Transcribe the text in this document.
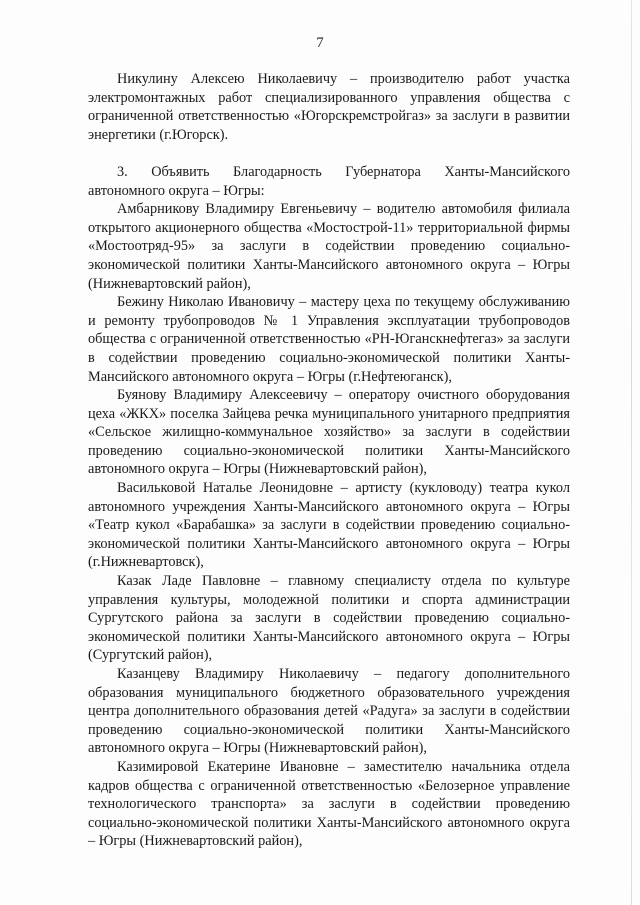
7

Никулину Алексею Николаевичу – производителю работ участка электромонтажных работ специализированного управления общества с ограниченной ответственностью «Югорскремстройгаз» за заслуги в развитии энергетики (г.Югорск).

3. Объявить Благодарность Губернатора Ханты-Мансийского автономного округа – Югры:

Амбарникову Владимиру Евгеньевичу – водителю автомобиля филиала открытого акционерного общества «Мостострой-11» территориальной фирмы «Мостоотряд-95» за заслуги в содействии проведению социально-экономической политики Ханты-Мансийского автономного округа – Югры (Нижневартовский район),

Бежину Николаю Ивановичу – мастеру цеха по текущему обслуживанию и ремонту трубопроводов № 1 Управления эксплуатации трубопроводов общества с ограниченной ответственностью «РН-Юганскнефтегаз» за заслуги в содействии проведению социально-экономической политики Ханты-Мансийского автономного округа – Югры (г.Нефтеюганск),

Буянову Владимиру Алексеевичу – оператору очистного оборудования цеха «ЖКХ» поселка Зайцева речка муниципального унитарного предприятия «Сельское жилищно-коммунальное хозяйство» за заслуги в содействии проведению социально-экономической политики Ханты-Мансийского автономного округа – Югры (Нижневартовский район),

Васильковой Наталье Леонидовне – артисту (кукловоду) театра кукол автономного учреждения Ханты-Мансийского автономного округа – Югры «Театр кукол «Барабашка» за заслуги в содействии проведению социально-экономической политики Ханты-Мансийского автономного округа – Югры (г.Нижневартовск),

Казак Ладе Павловне – главному специалисту отдела по культуре управления культуры, молодежной политики и спорта администрации Сургутского района за заслуги в содействии проведению социально-экономической политики Ханты-Мансийского автономного округа – Югры (Сургутский район),

Казанцеву Владимиру Николаевичу – педагогу дополнительного образования муниципального бюджетного образовательного учреждения центра дополнительного образования детей «Радуга» за заслуги в содействии проведению социально-экономической политики Ханты-Мансийского автономного округа – Югры (Нижневартовский район),

Казимировой Екатерине Ивановне – заместителю начальника отдела кадров общества с ограниченной ответственностью «Белозерное управление технологического транспорта» за заслуги в содействии проведению социально-экономической политики Ханты-Мансийского автономного округа – Югры (Нижневартовский район),
